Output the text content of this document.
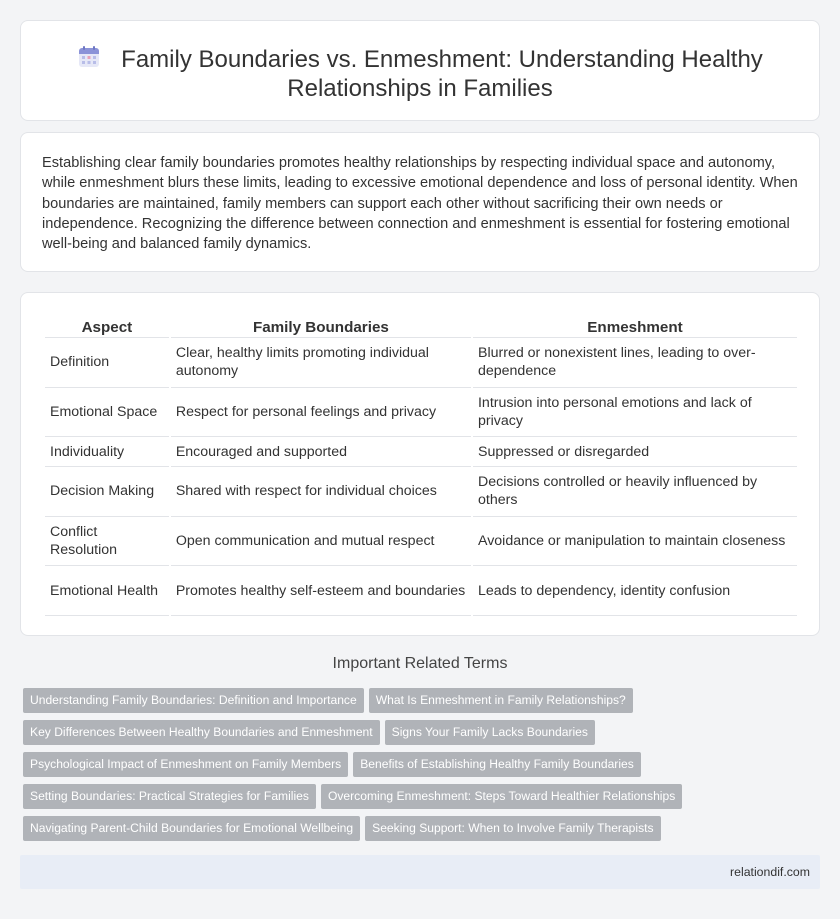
Family Boundaries vs. Enmeshment: Understanding Healthy
Relationships in Families

Establishing clear family boundaries promotes healthy relationships by respecting individual space and autonomy, while enmeshment blurs these limits, leading to excessive emotional dependence and loss of personal identity. When boundaries are maintained, family members can support each other without sacrificing their own needs or independence. Recognizing the difference between connection and enmeshment is essential for fostering emotional well-being and balanced family dynamics.

Aspect	Family Boundaries	Enmeshment
Definition	Clear, healthy limits promoting individual autonomy	Blurred or nonexistent lines, leading to over-dependence
Emotional Space	Respect for personal feelings and privacy	Intrusion into personal emotions and lack of privacy
Individuality	Encouraged and supported	Suppressed or disregarded
Decision Making	Shared with respect for individual choices	Decisions controlled or heavily influenced by others
Conflict Resolution	Open communication and mutual respect	Avoidance or manipulation to maintain closeness
Emotional Health	Promotes healthy self-esteem and boundaries	Leads to dependency, identity confusion
Important Related Terms
Understanding Family Boundaries: Definition and Importance What Is Enmeshment in Family Relationships?
Key Differences Between Healthy Boundaries and Enmeshment Signs Your Family Lacks Boundaries
Psychological Impact of Enmeshment on Family Members Benefits of Establishing Healthy Family Boundaries
Setting Boundaries: Practical Strategies for Families Overcoming Enmeshment: Steps Toward Healthier Relationships
Navigating Parent-Child Boundaries for Emotional Wellbeing Seeking Support: When to Involve Family Therapists
relationdif.com
